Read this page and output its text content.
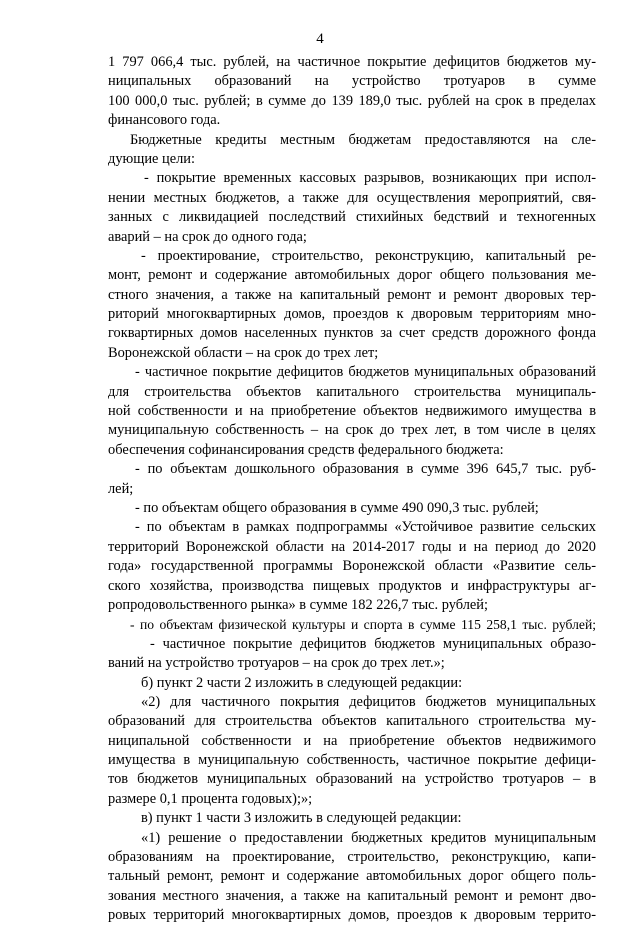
4
1 797 066,4 тыс. рублей, на частичное покрытие дефицитов бюджетов му-
ниципальных образований на устройство тротуаров в сумме
100 000,0 тыс. рублей; в сумме до 139 189,0 тыс. рублей на срок в пределах
финансового года.
Бюджетные кредиты местным бюджетам предоставляются на сле-
дующие цели:
- покрытие временных кассовых разрывов, возникающих при испол-
нении местных бюджетов, а также для осуществления мероприятий, свя-
занных с ликвидацией последствий стихийных бедствий и техногенных
аварий – на срок до одного года;
- проектирование, строительство, реконструкцию, капитальный ре-
монт, ремонт и содержание автомобильных дорог общего пользования ме-
стного значения, а также на капитальный ремонт и ремонт дворовых тер-
риторий многоквартирных домов, проездов к дворовым территориям мно-
гоквартирных домов населенных пунктов за счет средств дорожного фонда
Воронежской области – на срок до трех лет;
- частичное покрытие дефицитов бюджетов муниципальных образований
для строительства объектов капитального строительства муниципаль-
ной собственности и на приобретение объектов недвижимого имущества в
муниципальную собственность – на срок до трех лет, в том числе в целях
обеспечения софинансирования средств федерального бюджета:
- по объектам дошкольного образования в сумме 396 645,7 тыс. руб-
лей;
- по объектам общего образования в сумме 490 090,3 тыс. рублей;
- по объектам в рамках подпрограммы «Устойчивое развитие сельских
территорий Воронежской области на 2014-2017 годы и на период до 2020
года» государственной программы Воронежской области «Развитие сель-
ского хозяйства, производства пищевых продуктов и инфраструктуры аг-
ропродовольственного рынка» в сумме 182 226,7 тыс. рублей;
- по объектам физической культуры и спорта в сумме 115 258,1 тыс. рублей;
- частичное покрытие дефицитов бюджетов муниципальных образо-
ваний на устройство тротуаров – на срок до трех лет.»;
б) пункт 2 части 2 изложить в следующей редакции:
«2) для частичного покрытия дефицитов бюджетов муниципальных
образований для строительства объектов капитального строительства му-
ниципальной собственности и на приобретение объектов недвижимого
имущества в муниципальную собственность, частичное покрытие дефици-
тов бюджетов муниципальных образований на устройство тротуаров – в
размере 0,1 процента годовых);»;
в) пункт 1 части 3 изложить в следующей редакции:
«1) решение о предоставлении бюджетных кредитов муниципальным
образованиям на проектирование, строительство, реконструкцию, капи-
тальный ремонт, ремонт и содержание автомобильных дорог общего поль-
зования местного значения, а также на капитальный ремонт и ремонт дво-
ровых территорий многоквартирных домов, проездов к дворовым террито-
